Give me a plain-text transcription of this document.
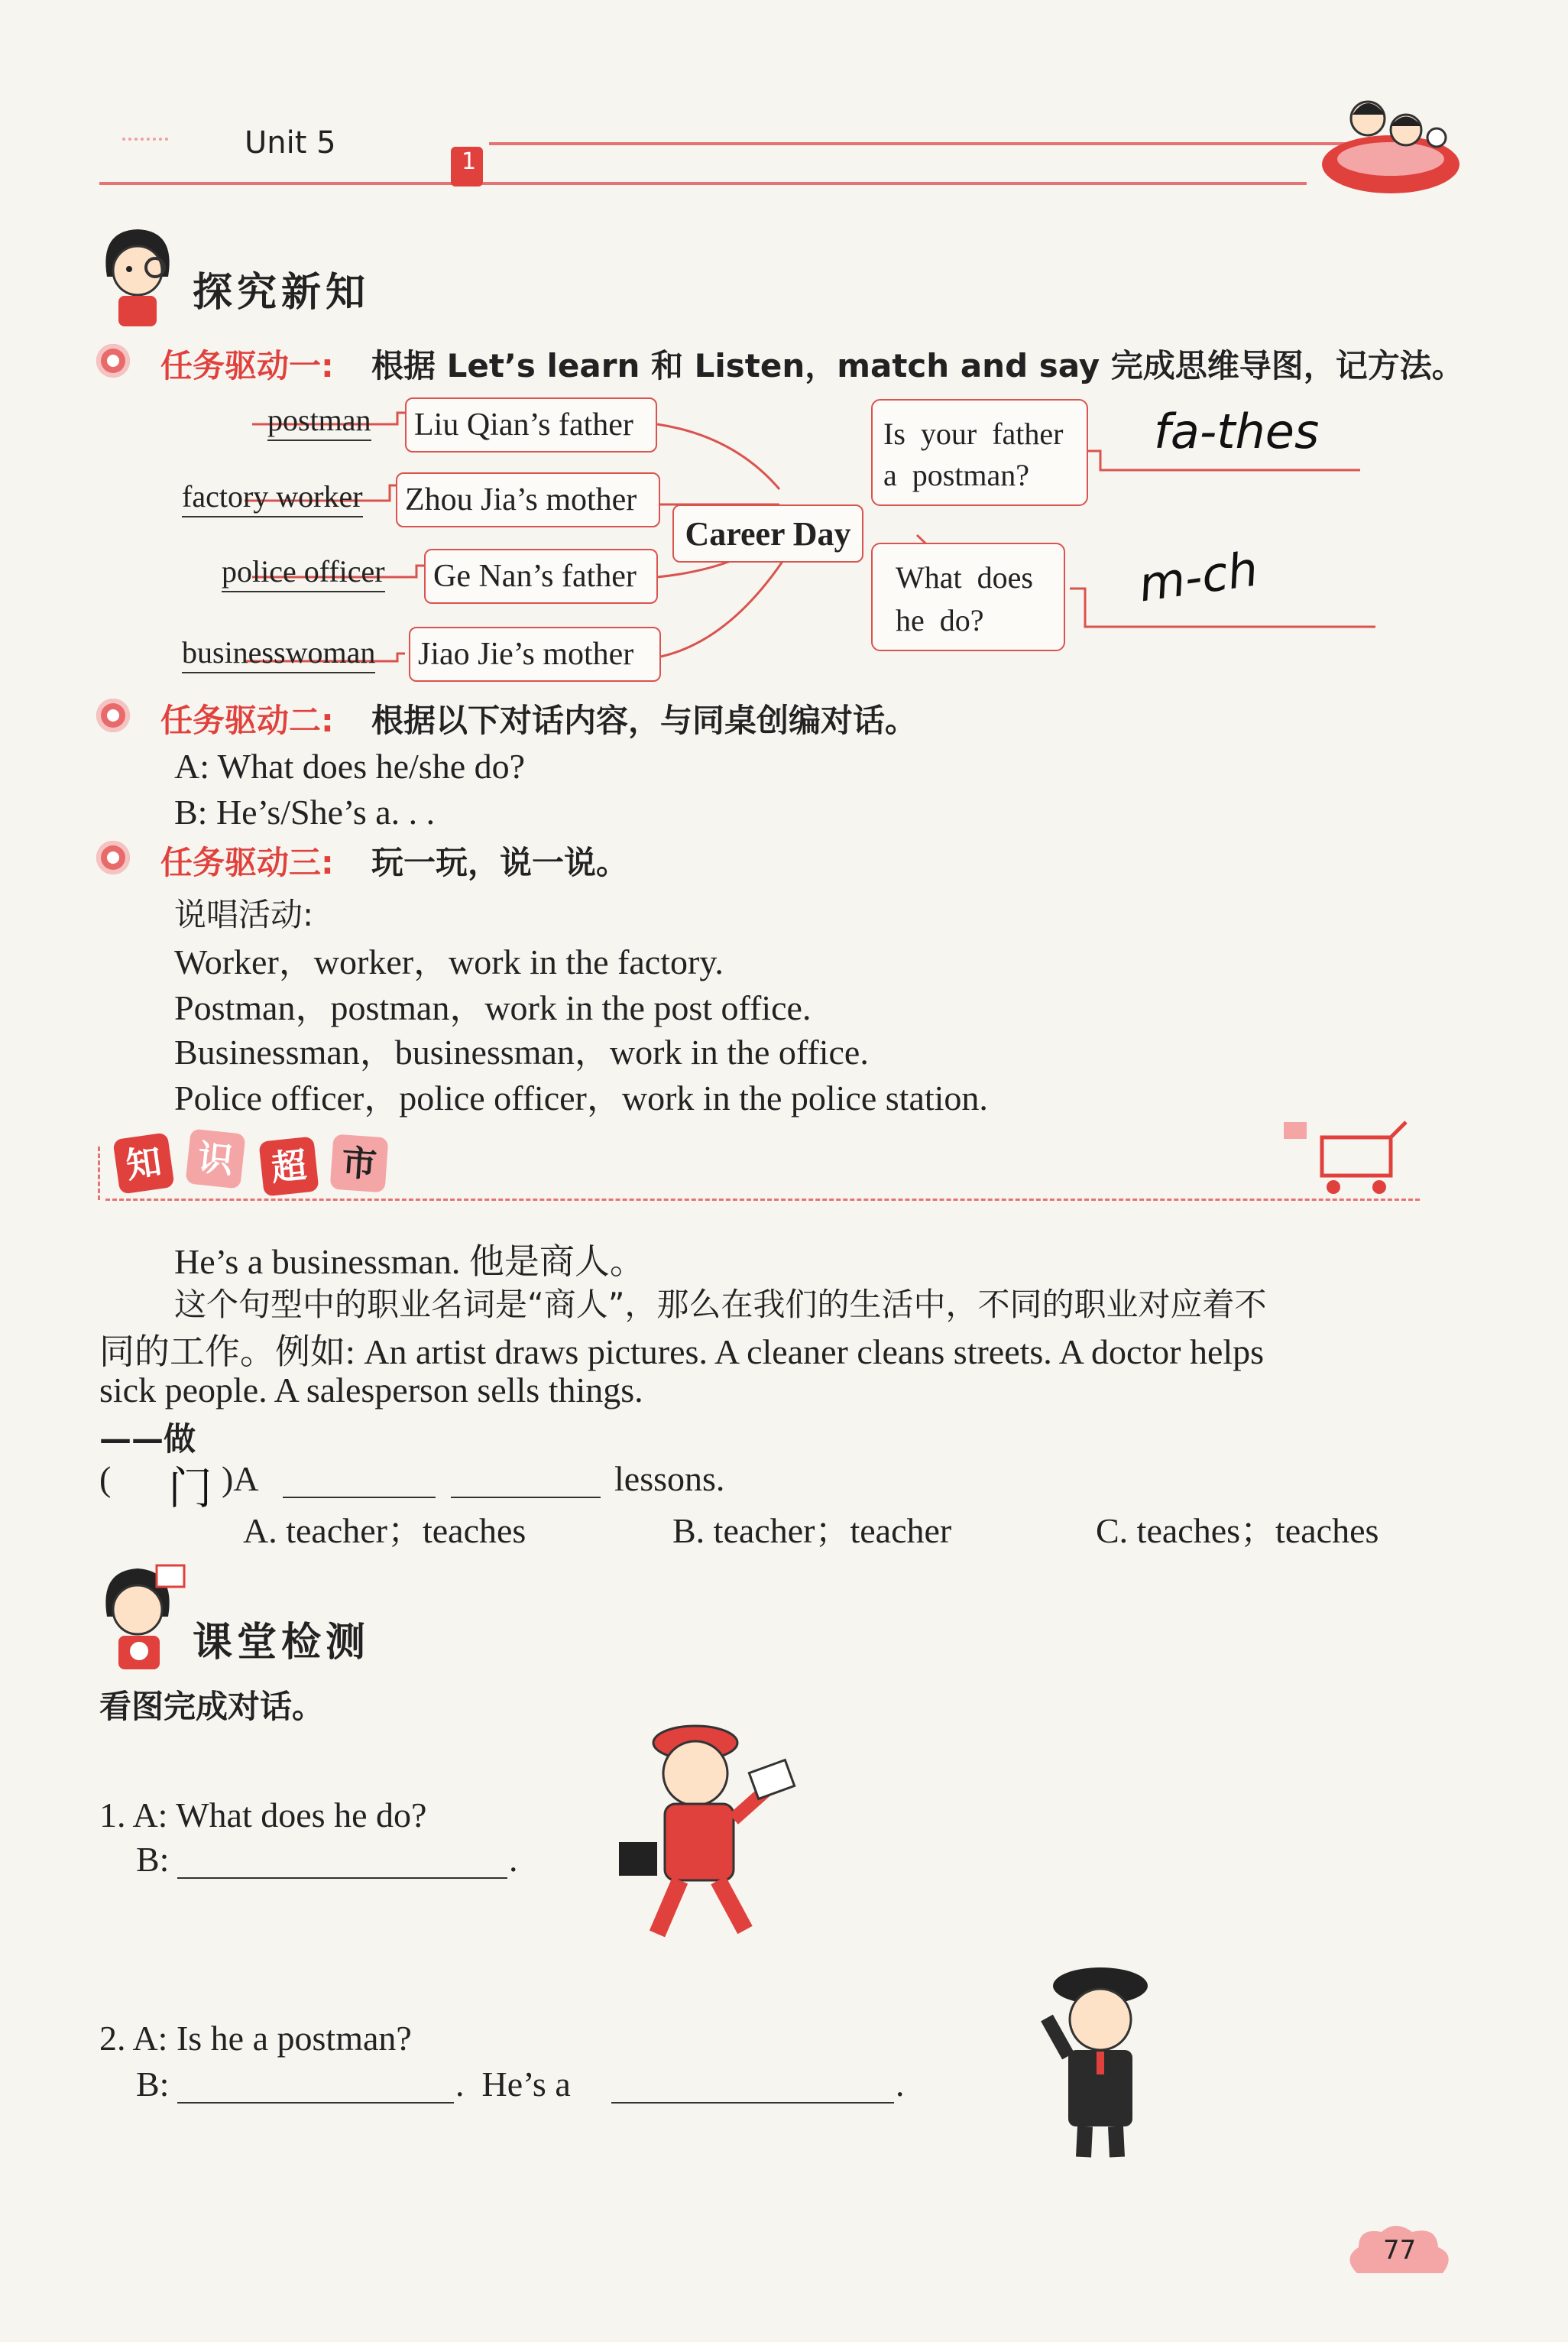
Unit 5
1
探究新知
任务驱动一: 根据 Let’s learn 和 Listen，match and say 完成思维导图，记方法。
postman
factory worker
police officer
businesswoman
Liu Qian’s father
Zhou Jia’s mother
Ge Nan’s father
Jiao Jie’s mother
Career Day
Is  your  father
a  postman?
What  does
he  do?
fa-thes
m-ch
任务驱动二: 根据以下对话内容，与同桌创编对话。
A: What does he/she do?
B: He’s/She’s a. . .
任务驱动三: 玩一玩，说一说。
说唱活动:
Worker，worker，work in the factory.
Postman，postman，work in the post office.
Businessman，businessman，work in the office.
Police officer，police officer，work in the police station.
知 识 超 市
He’s a businessman. 他是商人。
这个句型中的职业名词是“商人”，那么在我们的生活中，不同的职业对应着不
同的工作。例如: An artist draws pictures. A cleaner cleans streets. A doctor helps
sick people. A salesperson sells things.
——做
( 门 )A	lessons.
A. teacher；teaches	B. teacher；teacher	C. teaches；teaches
课堂检测
看图完成对话。
1. A: What does he do?
B:	.
2. A: Is he a postman?
B:	.  He’s a	.
77
